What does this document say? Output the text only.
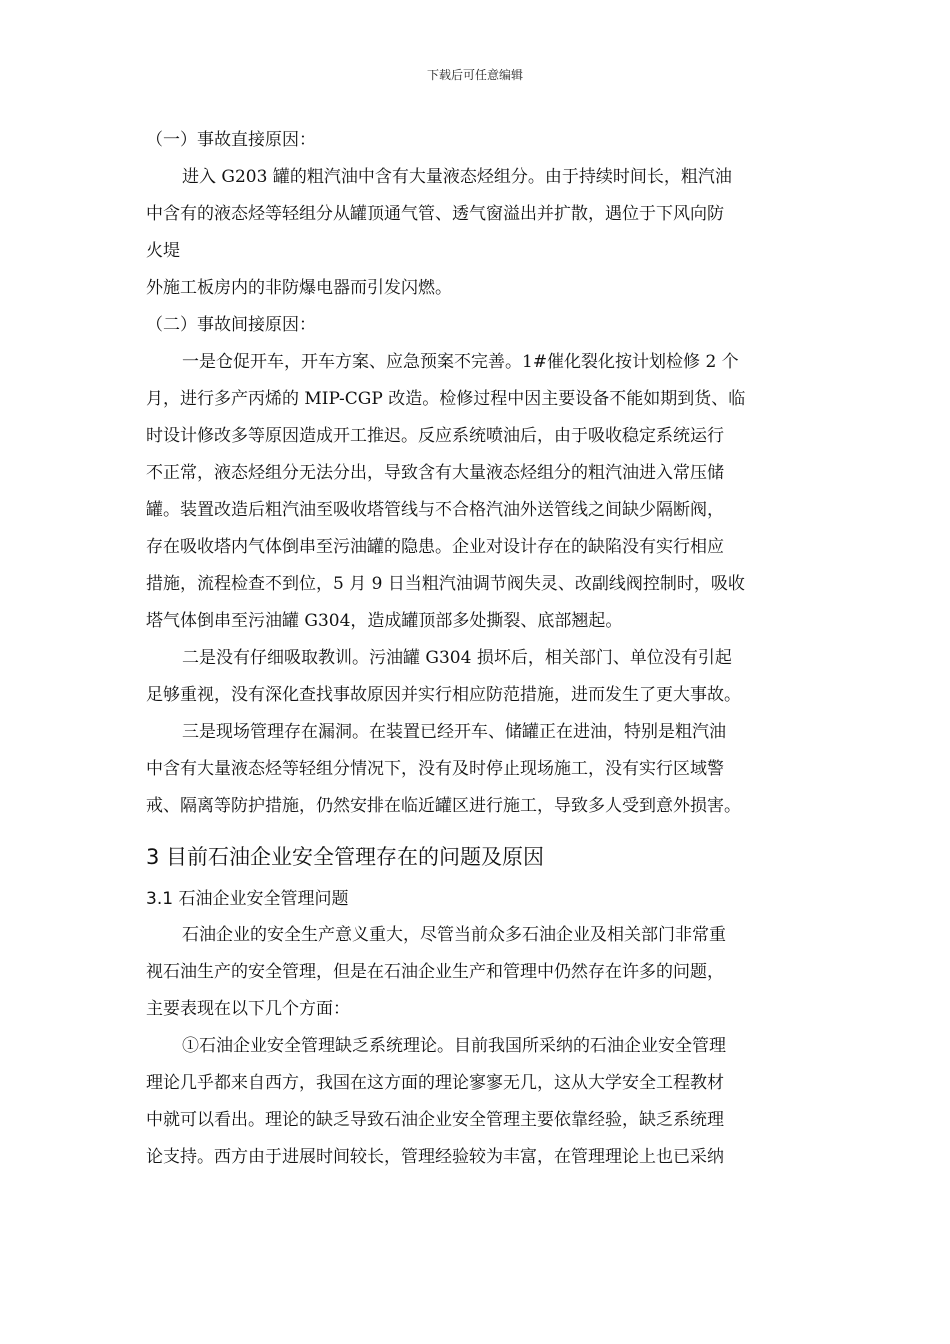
下载后可任意编辑

（一）事故直接原因：

进入 G203 罐的粗汽油中含有大量液态烃组分。由于持续时间长，粗汽油

中含有的液态烃等轻组分从罐顶通气管、透气窗溢出并扩散，遇位于下风向防

火堤

外施工板房内的非防爆电器而引发闪燃。

（二）事故间接原因：

一是仓促开车，开车方案、应急预案不完善。1#催化裂化按计划检修 2 个

月，进行多产丙烯的 MIP-CGP 改造。检修过程中因主要设备不能如期到货、临

时设计修改多等原因造成开工推迟。反应系统喷油后，由于吸收稳定系统运行

不正常，液态烃组分无法分出，导致含有大量液态烃组分的粗汽油进入常压储

罐。装置改造后粗汽油至吸收塔管线与不合格汽油外送管线之间缺少隔断阀，

存在吸收塔内气体倒串至污油罐的隐患。企业对设计存在的缺陷没有实行相应

措施，流程检查不到位，5 月 9 日当粗汽油调节阀失灵、改副线阀控制时，吸收

塔气体倒串至污油罐 G304，造成罐顶部多处撕裂、底部翘起。

二是没有仔细吸取教训。污油罐 G304 损坏后，相关部门、单位没有引起

足够重视，没有深化查找事故原因并实行相应防范措施，进而发生了更大事故。

三是现场管理存在漏洞。在装置已经开车、储罐正在进油，特别是粗汽油

中含有大量液态烃等轻组分情况下，没有及时停止现场施工，没有实行区域警

戒、隔离等防护措施，仍然安排在临近罐区进行施工，导致多人受到意外损害。

3 目前石油企业安全管理存在的问题及原因
3.1 石油企业安全管理问题

石油企业的安全生产意义重大，尽管当前众多石油企业及相关部门非常重

视石油生产的安全管理，但是在石油企业生产和管理中仍然存在许多的问题，

主要表现在以下几个方面：

①石油企业安全管理缺乏系统理论。目前我国所采纳的石油企业安全管理

理论几乎都来自西方，我国在这方面的理论寥寥无几，这从大学安全工程教材

中就可以看出。理论的缺乏导致石油企业安全管理主要依靠经验，缺乏系统理

论支持。西方由于进展时间较长，管理经验较为丰富，在管理理论上也已采纳
